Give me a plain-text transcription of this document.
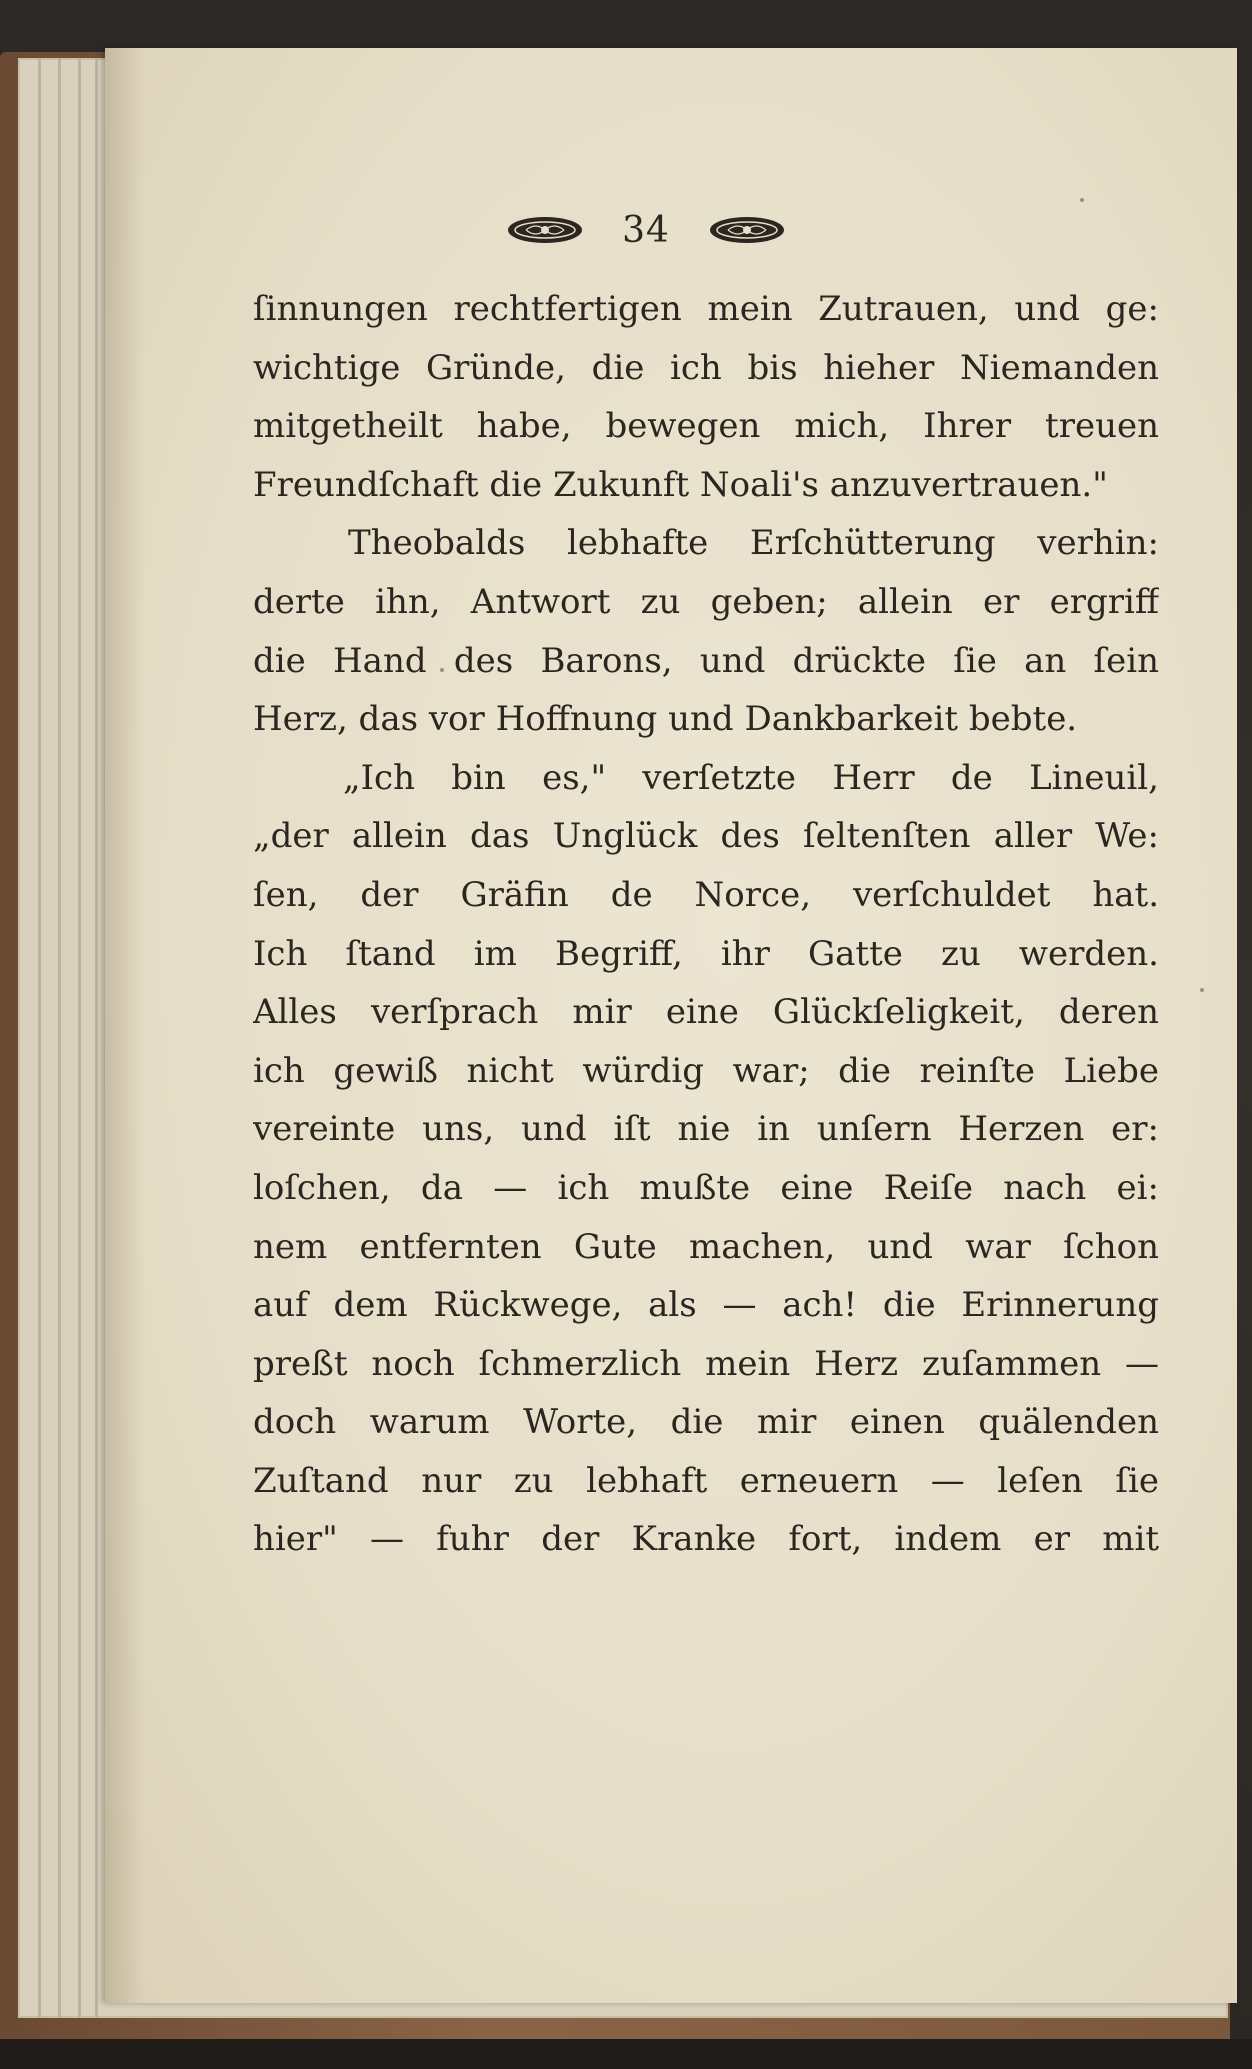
34
ſinnungen rechtfertigen mein Zutrauen, und ge:
wichtige Gründe, die ich bis hieher Niemanden
mitgetheilt habe, bewegen mich, Ihrer treuen
Freundſchaft die Zukunft Noali's anzuvertrauen."
Theobalds lebhafte Erſchütterung verhin:
derte ihn, Antwort zu geben; allein er ergriff
die Hand des Barons, und drückte ſie an ſein
Herz, das vor Hoffnung und Dankbarkeit bebte.
„Ich bin es," verſetzte Herr de Lineuil,
„der allein das Unglück des ſeltenſten aller We:
ſen, der Gräfin de Norce, verſchuldet hat.
Ich ſtand im Begriff, ihr Gatte zu werden.
Alles verſprach mir eine Glückſeligkeit, deren
ich gewiß nicht würdig war; die reinſte Liebe
vereinte uns, und iſt nie in unſern Herzen er:
loſchen, da — ich mußte eine Reiſe nach ei:
nem entfernten Gute machen, und war ſchon
auf dem Rückwege, als — ach! die Erinnerung
preßt noch ſchmerzlich mein Herz zuſammen —
doch warum Worte, die mir einen quälenden
Zuſtand nur zu lebhaft erneuern — leſen ſie
hier" — fuhr der Kranke fort, indem er mit
